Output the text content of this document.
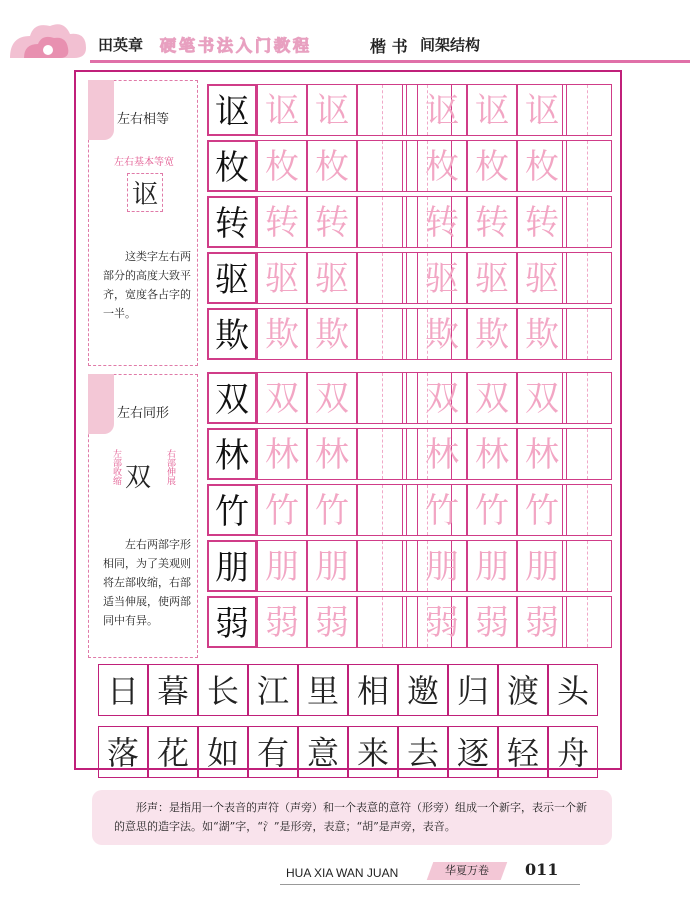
田英章 硬笔书法入门教程	楷 书 间架结构
左右相等
左右基本等宽
讴
这类字左右两部分的高度大致平齐，宽度各占字的一半。
左右同形
左部收缩 双 右部伸展
左右两部字形相同，为了美观则将左部收缩，右部适当伸展，使两部同中有异。
讴 讴 讴 讴 讴 讴
枚 枚 枚 枚 枚 枚
转 转 转 转 转 转
驱 驱 驱 驱 驱 驱
欺 欺 欺 欺 欺 欺
双 双 双 双 双 双
林 林 林 林 林 林
竹 竹 竹 竹 竹 竹
朋 朋 朋 朋 朋 朋
弱 弱 弱 弱 弱 弱
日 暮 长 江 里 相 邀 归 渡 头
落 花 如 有 意 来 去 逐 轻 舟
形声：是指用一个表音的声符（声旁）和一个表意的意符（形旁）组成一个新字，表示一个新的意思的造字法。如“湖”字，“氵”是形旁，表意；“胡”是声旁，表音。
HUA XIA WAN JUAN	华夏万卷	011
